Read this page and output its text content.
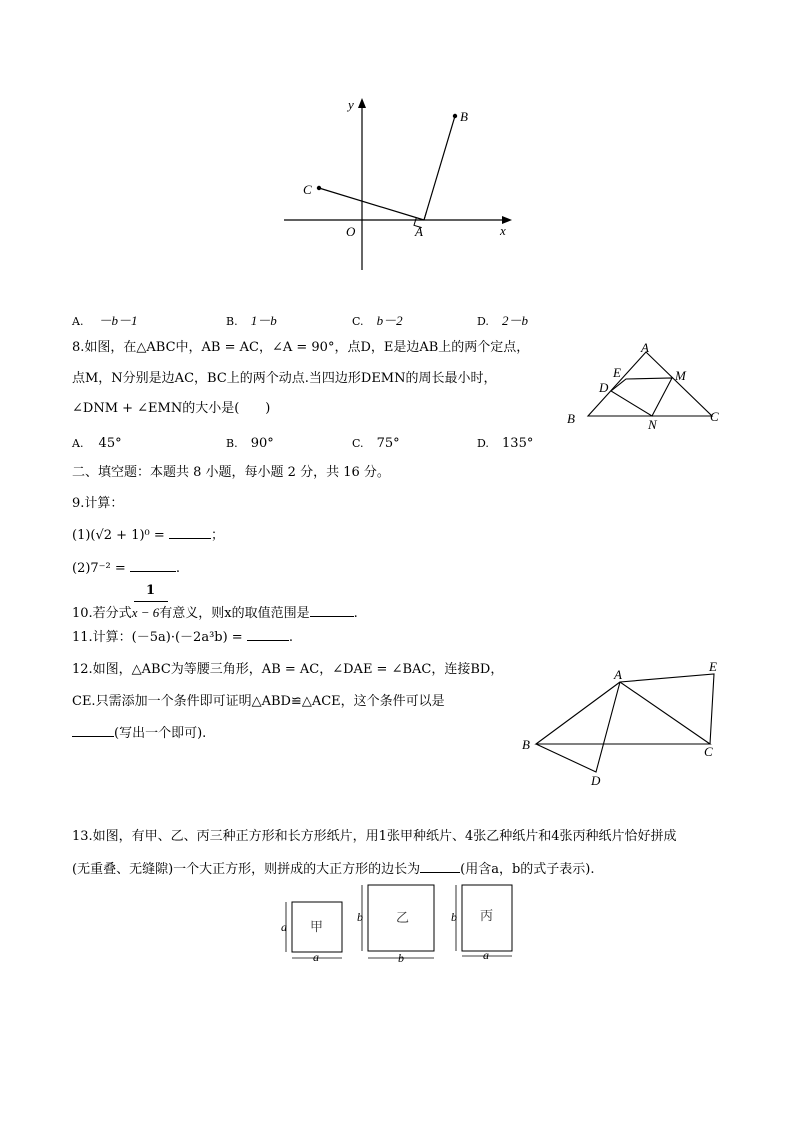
y
x
O	A
B
C
A. －b－1	B. 1－b	C. b－2	D. 2－b
8.如图，在△ABC中，AB = AC，∠A = 90°，点D，E是边AB上的两个定点，
点M，N分别是边AC，BC上的两个动点.当四边形DEMN的周长最小时，
∠DNM + ∠EMN的大小是(　　)
A
B	C
D
E	M
N
A. 45°	B. 90°	C. 75°	D. 135°
二、填空题：本题共 8 小题，每小题 2 分，共 16 分。
9.计算：
(1)(√2 + 1)⁰ =	；
(2)7⁻² =	.
1
10.若分式x − 6有意义，则x的取值范围是	.
11.计算：(－5a)·(－2a³b) =	.
12.如图，△ABC为等腰三角形，AB = AC，∠DAE = ∠BAC，连接BD，
CE.只需添加一个条件即可证明△ABD≌△ACE，这个条件可以是
(写出一个即可).
A
B	C
D
E
13.如图，有甲、乙、丙三种正方形和长方形纸片，用1张甲种纸片、4张乙种纸片和4张丙种纸片恰好拼成
(无重叠、无缝隙)一个大正方形，则拼成的大正方形的边长为	(用含a，b的式子表示).
甲
a
a
乙
b
b
丙
b
a
